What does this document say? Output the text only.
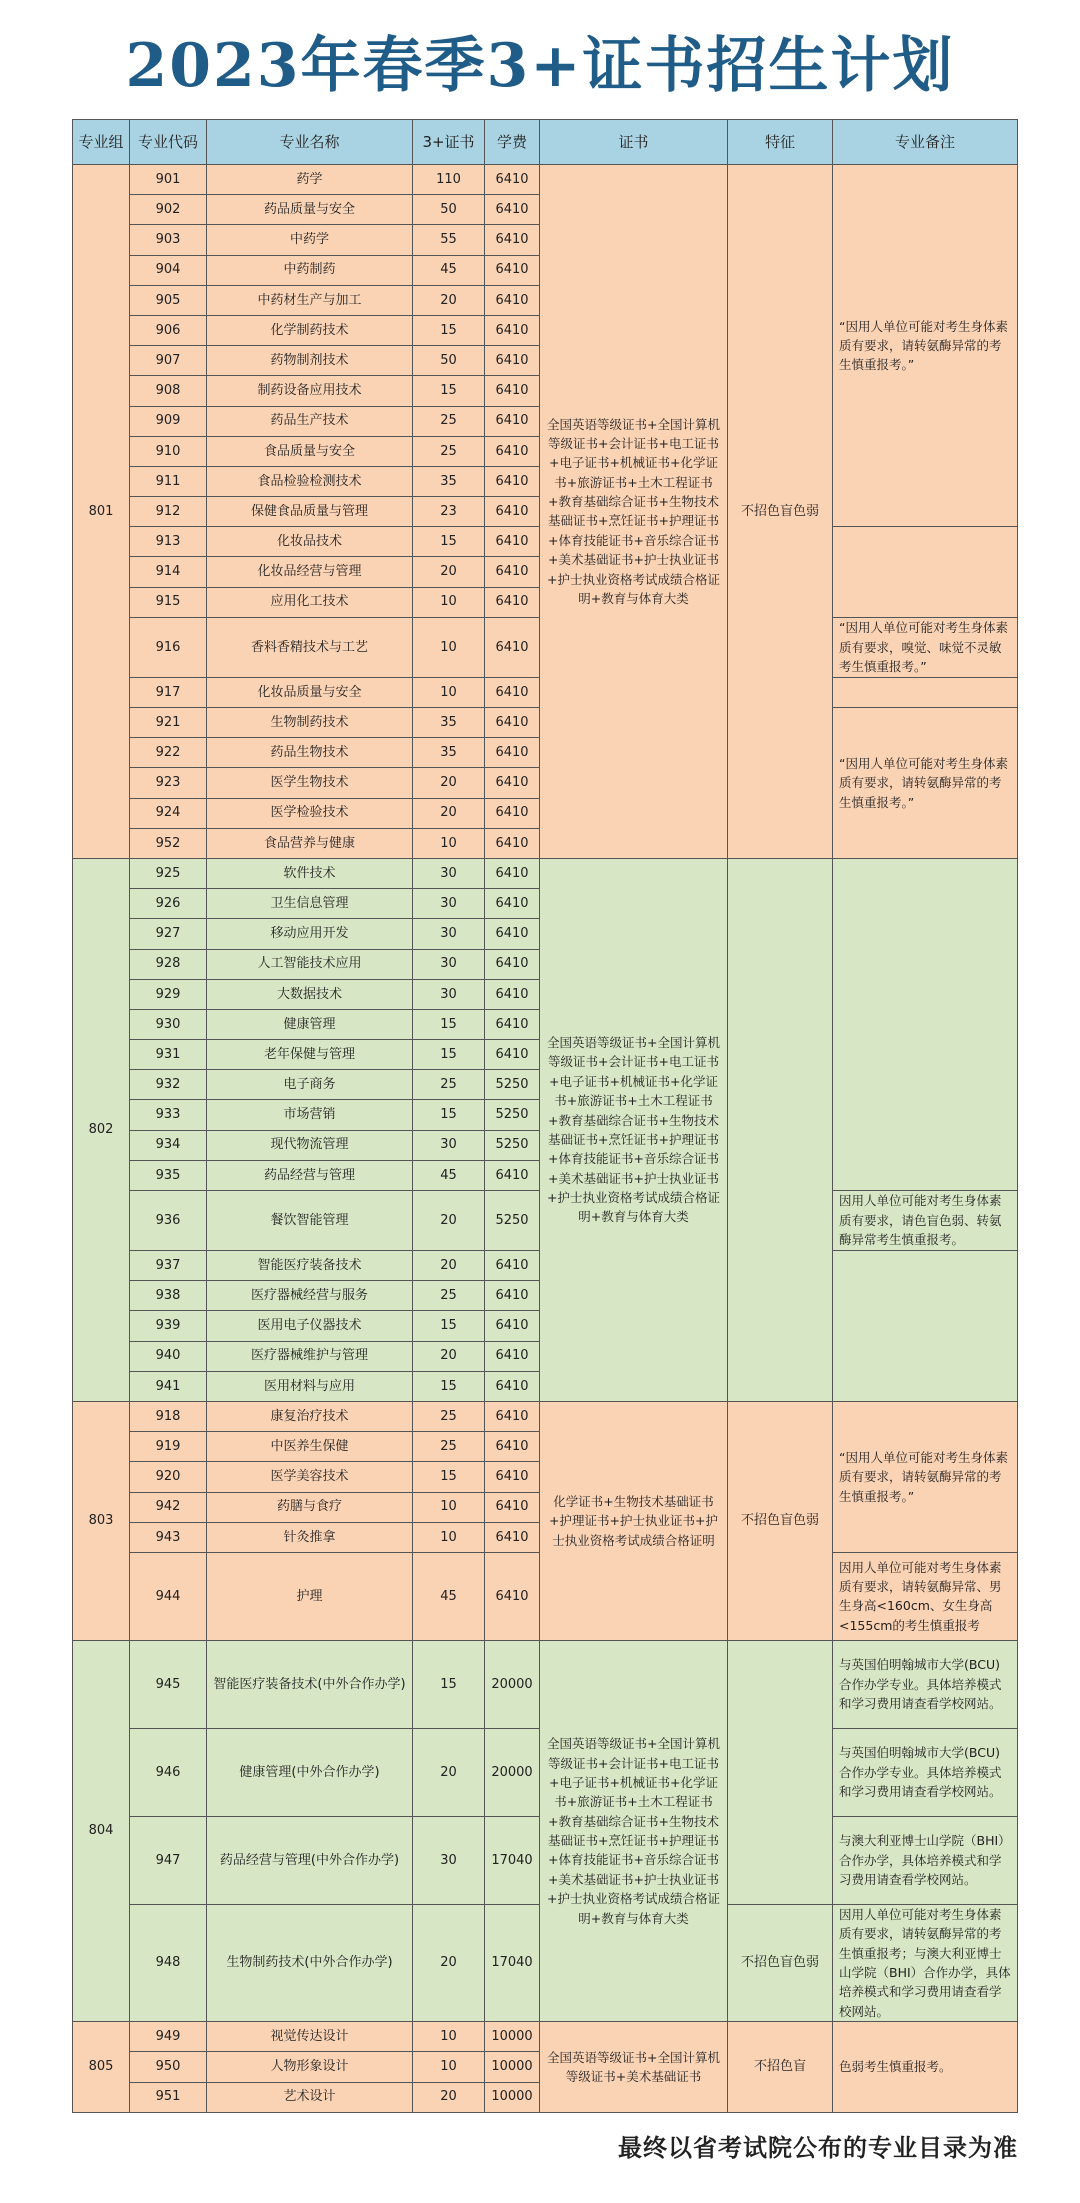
2023年春季3+证书招生计划
专业组	专业代码	专业名称	3+证书	学费	证书	特征	专业备注
801	901	药学	110	6410	全国英语等级证书+全国计算机等级证书+会计证书+电工证书+电子证书+机械证书+化学证书+旅游证书+土木工程证书+教育基础综合证书+生物技术基础证书+烹饪证书+护理证书+体育技能证书+音乐综合证书+美术基础证书+护士执业证书+护士执业资格考试成绩合格证明+教育与体育大类	不招色盲色弱	“因用人单位可能对考生身体素质有要求，请转氨酶异常的考生慎重报考。”
	902	药品质量与安全	50	6410			
	903	中药学	55	6410			
	904	中药制药	45	6410			
	905	中药材生产与加工	20	6410			
	906	化学制药技术	15	6410			
	907	药物制剂技术	50	6410			
	908	制药设备应用技术	15	6410			
	909	药品生产技术	25	6410			
	910	食品质量与安全	25	6410			
	911	食品检验检测技术	35	6410			
	912	保健食品质量与管理	23	6410			
	913	化妆品技术	15	6410			
	914	化妆品经营与管理	20	6410			
	915	应用化工技术	10	6410			
	916	香料香精技术与工艺	10	6410			“因用人单位可能对考生身体素质有要求，嗅觉、味觉不灵敏考生慎重报考。”
	917	化妆品质量与安全	10	6410			
	921	生物制药技术	35	6410			“因用人单位可能对考生身体素质有要求，请转氨酶异常的考生慎重报考。”
	922	药品生物技术	35	6410			
	923	医学生物技术	20	6410			
	924	医学检验技术	20	6410			
	952	食品营养与健康	10	6410			
802	925	软件技术	30	6410	全国英语等级证书+全国计算机等级证书+会计证书+电工证书+电子证书+机械证书+化学证书+旅游证书+土木工程证书+教育基础综合证书+生物技术基础证书+烹饪证书+护理证书+体育技能证书+音乐综合证书+美术基础证书+护士执业证书+护士执业资格考试成绩合格证明+教育与体育大类		
	926	卫生信息管理	30	6410			
	927	移动应用开发	30	6410			
	928	人工智能技术应用	30	6410			
	929	大数据技术	30	6410			
	930	健康管理	15	6410			
	931	老年保健与管理	15	6410			
	932	电子商务	25	5250			
	933	市场营销	15	5250			
	934	现代物流管理	30	5250			
	935	药品经营与管理	45	6410			
	936	餐饮智能管理	20	5250			因用人单位可能对考生身体素质有要求，请色盲色弱、转氨酶异常考生慎重报考。
	937	智能医疗装备技术	20	6410			
	938	医疗器械经营与服务	25	6410			
	939	医用电子仪器技术	15	6410			
	940	医疗器械维护与管理	20	6410			
	941	医用材料与应用	15	6410			
803	918	康复治疗技术	25	6410	化学证书+生物技术基础证书+护理证书+护士执业证书+护士执业资格考试成绩合格证明	不招色盲色弱	“因用人单位可能对考生身体素质有要求，请转氨酶异常的考生慎重报考。”
	919	中医养生保健	25	6410			
	920	医学美容技术	15	6410			
	942	药膳与食疗	10	6410			
	943	针灸推拿	10	6410			
	944	护理	45	6410			因用人单位可能对考生身体素质有要求，请转氨酶异常、男生身高<160cm、女生身高<155cm的考生慎重报考
804	945	智能医疗装备技术(中外合作办学)	15	20000	全国英语等级证书+全国计算机等级证书+会计证书+电工证书+电子证书+机械证书+化学证书+旅游证书+土木工程证书+教育基础综合证书+生物技术基础证书+烹饪证书+护理证书+体育技能证书+音乐综合证书+美术基础证书+护士执业证书+护士执业资格考试成绩合格证明+教育与体育大类		与英国伯明翰城市大学(BCU)合作办学专业。具体培养模式和学习费用请查看学校网站。
	946	健康管理(中外合作办学)	20	20000			与英国伯明翰城市大学(BCU)合作办学专业。具体培养模式和学习费用请查看学校网站。
	947	药品经营与管理(中外合作办学)	30	17040			与澳大利亚博士山学院（BHI）合作办学，具体培养模式和学习费用请查看学校网站。
	948	生物制药技术(中外合作办学)	20	17040		不招色盲色弱	因用人单位可能对考生身体素质有要求，请转氨酶异常的考生慎重报考；与澳大利亚博士山学院（BHI）合作办学，具体培养模式和学习费用请查看学校网站。
805	949	视觉传达设计	10	10000	全国英语等级证书+全国计算机等级证书+美术基础证书	不招色盲	色弱考生慎重报考。
	950	人物形象设计	10	10000			
	951	艺术设计	20	10000			
最终以省考试院公布的专业目录为准
